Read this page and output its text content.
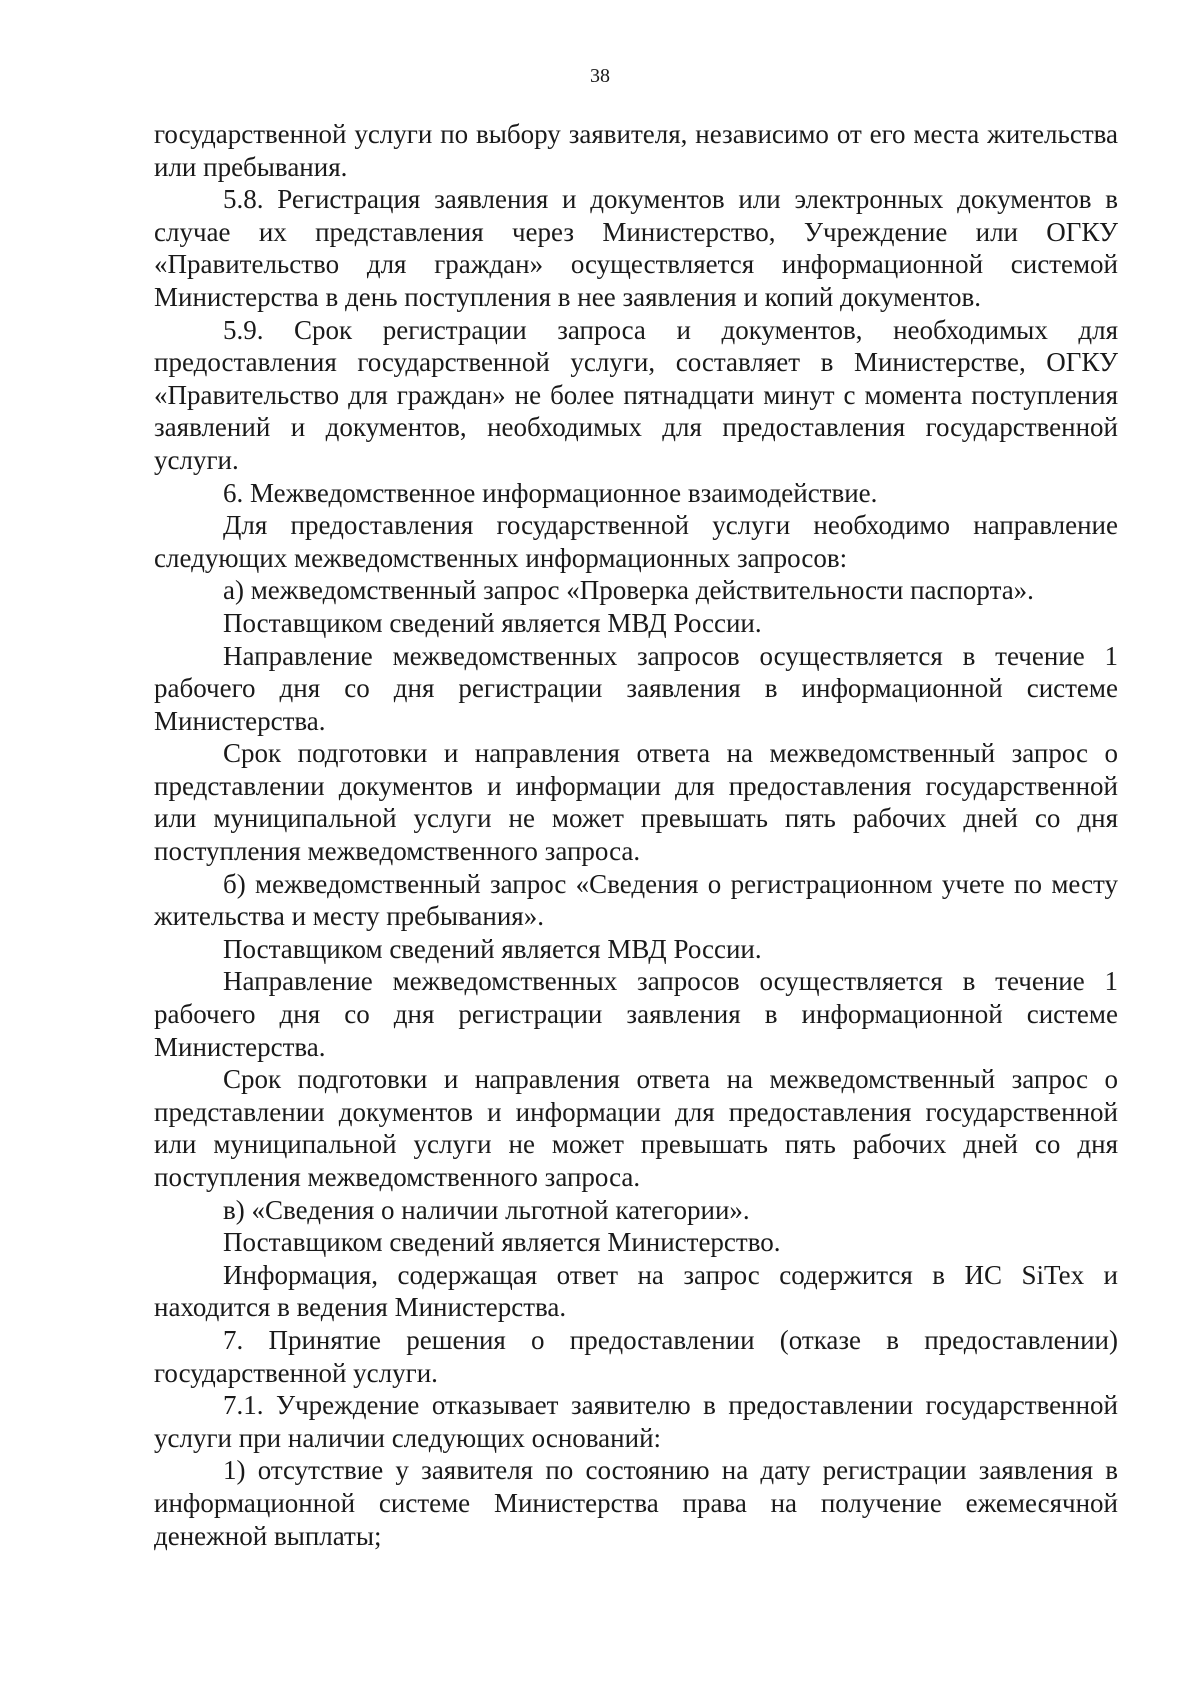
38

государственной услуги по выбору заявителя, независимо от его места жительства или пребывания.

5.8. Регистрация заявления и документов или электронных документов в случае их представления через Министерство, Учреждение или ОГКУ «Правительство для граждан» осуществляется информационной системой Министерства в день поступления в нее заявления и копий документов.

5.9. Срок регистрации запроса и документов, необходимых для предоставления государственной услуги, составляет в Министерстве, ОГКУ «Правительство для граждан» не более пятнадцати минут с момента поступления заявлений и документов, необходимых для предоставления государственной услуги.

6. Межведомственное информационное взаимодействие.

Для предоставления государственной услуги необходимо направление следующих межведомственных информационных запросов:

а) межведомственный запрос «Проверка действительности паспорта».

Поставщиком сведений является МВД России.

Направление межведомственных запросов осуществляется в течение 1 рабочего дня со дня регистрации заявления в информационной системе Министерства.

Срок подготовки и направления ответа на межведомственный запрос о представлении документов и информации для предоставления государственной или муниципальной услуги не может превышать пять рабочих дней со дня поступления межведомственного запроса.

б) межведомственный запрос «Сведения о регистрационном учете по месту жительства и месту пребывания».

Поставщиком сведений является МВД России.

Направление межведомственных запросов осуществляется в течение 1 рабочего дня со дня регистрации заявления в информационной системе Министерства.

Срок подготовки и направления ответа на межведомственный запрос о представлении документов и информации для предоставления государственной или муниципальной услуги не может превышать пять рабочих дней со дня поступления межведомственного запроса.

в) «Сведения о наличии льготной категории».

Поставщиком сведений является Министерство.

Информация, содержащая ответ на запрос содержится в ИС SiTex и находится в ведения Министерства.

7. Принятие решения о предоставлении (отказе в предоставлении) государственной услуги.

7.1. Учреждение отказывает заявителю в предоставлении государственной услуги при наличии следующих оснований:

1) отсутствие у заявителя по состоянию на дату регистрации заявления в информационной системе Министерства права на получение ежемесячной денежной выплаты;
